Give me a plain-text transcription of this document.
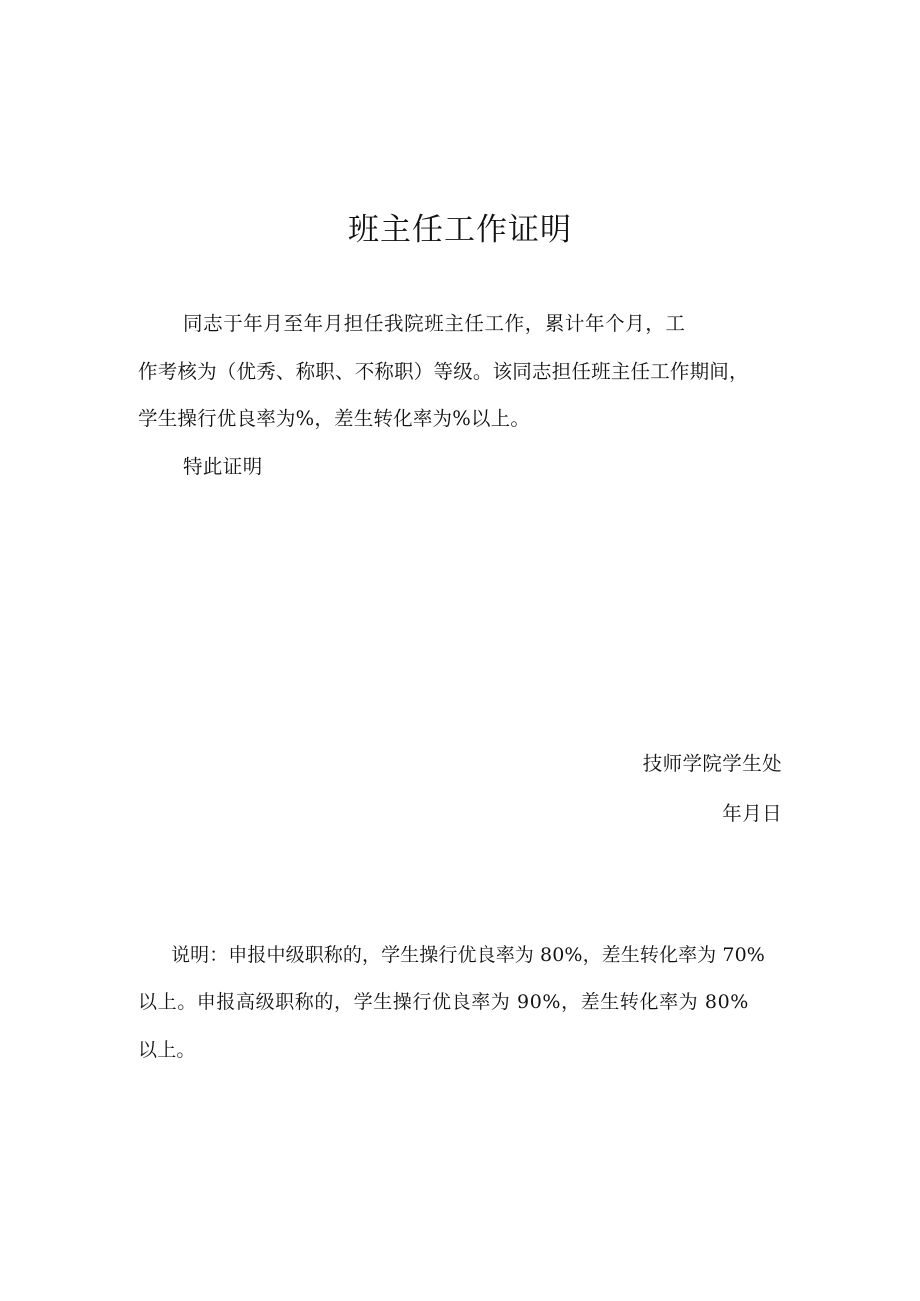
班主任工作证明

同志于年月至年月担任我院班主任工作，累计年个月，工

作考核为（优秀、称职、不称职）等级。该同志担任班主任工作期间，

学生操行优良率为%，差生转化率为%以上。

特此证明

技师学院学生处

年月日

说明：申报中级职称的，学生操行优良率为 80%，差生转化率为 70%

以上。申报高级职称的，学生操行优良率为 90%，差生转化率为 80%

以上。
